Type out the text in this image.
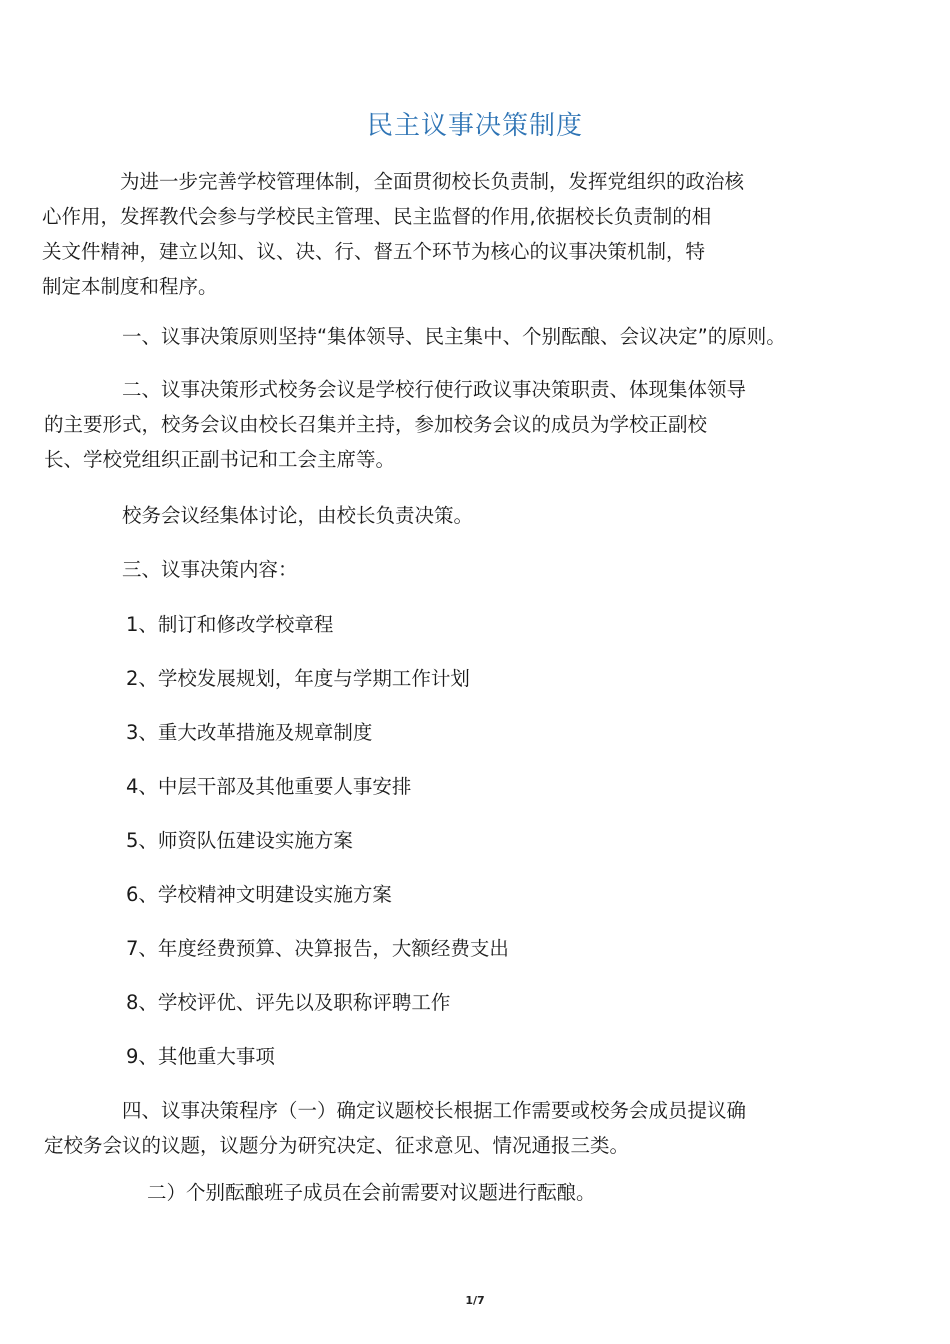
民主议事决策制度

为进一步完善学校管理体制，全面贯彻校长负责制，发挥党组织的政治核
心作用，发挥教代会参与学校民主管理、民主监督的作用,依据校长负责制的相
关文件精神，建立以知、议、决、行、督五个环节为核心的议事决策机制，特
制定本制度和程序。

一、议事决策原则坚持“集体领导、民主集中、个别酝酿、会议决定”的原则。

二、议事决策形式校务会议是学校行使行政议事决策职责、体现集体领导
的主要形式，校务会议由校长召集并主持，参加校务会议的成员为学校正副校
长、学校党组织正副书记和工会主席等。

校务会议经集体讨论，由校长负责决策。

三、议事决策内容：

1、制订和修改学校章程
2、学校发展规划，年度与学期工作计划
3、重大改革措施及规章制度
4、中层干部及其他重要人事安排
5、师资队伍建设实施方案
6、学校精神文明建设实施方案
7、年度经费预算、决算报告，大额经费支出
8、学校评优、评先以及职称评聘工作
9、其他重大事项

四、议事决策程序（一）确定议题校长根据工作需要或校务会成员提议确
定校务会议的议题，议题分为研究决定、征求意见、情况通报三类。

二）个别酝酿班子成员在会前需要对议题进行酝酿。

1/7
